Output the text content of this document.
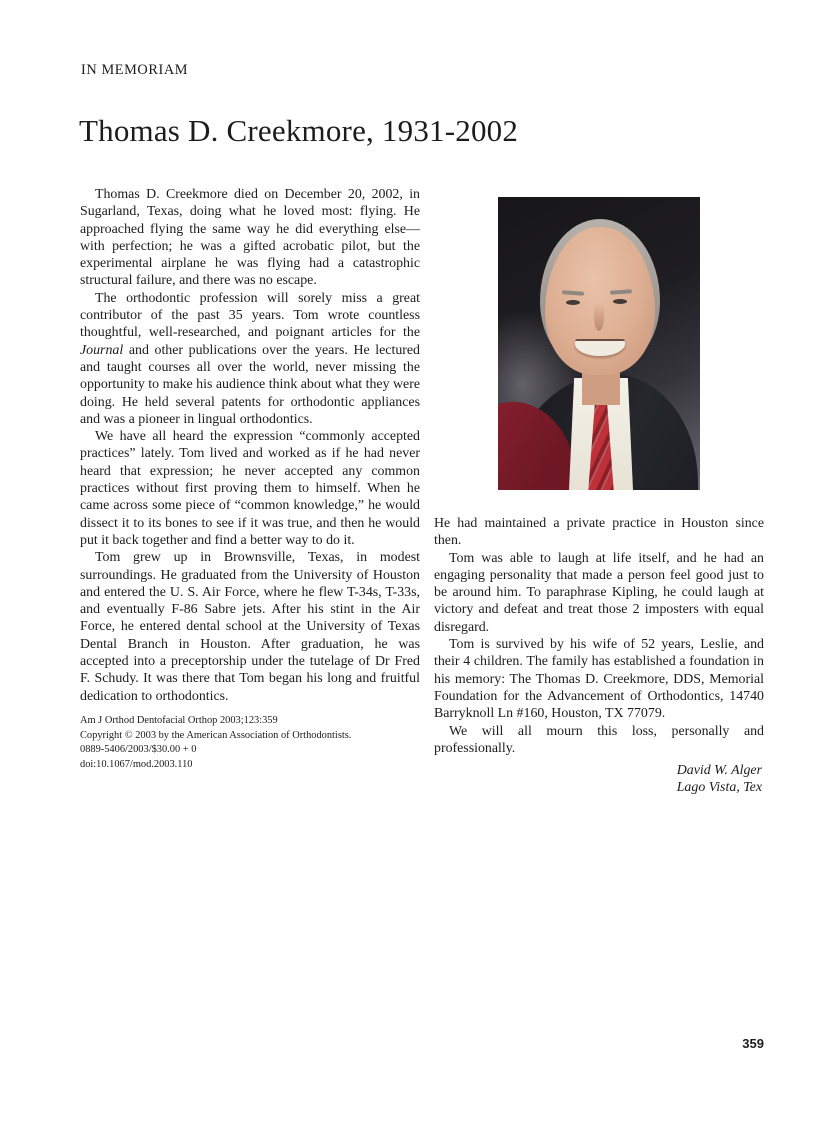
IN MEMORIAM
Thomas D. Creekmore, 1931-2002

Thomas D. Creekmore died on December 20, 2002, in Sugarland, Texas, doing what he loved most: flying. He approached flying the same way he did everything else—with perfection; he was a gifted acrobatic pilot, but the experimental airplane he was flying had a catastrophic structural failure, and there was no escape.

The orthodontic profession will sorely miss a great contributor of the past 35 years. Tom wrote countless thoughtful, well-researched, and poignant articles for the Journal and other publications over the years. He lectured and taught courses all over the world, never missing the opportunity to make his audience think about what they were doing. He held several patents for orthodontic appliances and was a pioneer in lingual orthodontics.

We have all heard the expression “commonly accepted practices” lately. Tom lived and worked as if he had never heard that expression; he never accepted any common practices without first proving them to himself. When he came across some piece of “common knowledge,” he would dissect it to its bones to see if it was true, and then he would put it back together and find a better way to do it.

Tom grew up in Brownsville, Texas, in modest surroundings. He graduated from the University of Houston and entered the U. S. Air Force, where he flew T-34s, T-33s, and eventually F-86 Sabre jets. After his stint in the Air Force, he entered dental school at the University of Texas Dental Branch in Houston. After graduation, he was accepted into a preceptorship under the tutelage of Dr Fred F. Schudy. It was there that Tom began his long and fruitful dedication to orthodontics.

Am J Orthod Dentofacial Orthop 2003;123:359
Copyright © 2003 by the American Association of Orthodontists.
0889-5406/2003/$30.00 + 0
doi:10.1067/mod.2003.110

He had maintained a private practice in Houston since then.

Tom was able to laugh at life itself, and he had an engaging personality that made a person feel good just to be around him. To paraphrase Kipling, he could laugh at victory and defeat and treat those 2 imposters with equal disregard.

Tom is survived by his wife of 52 years, Leslie, and their 4 children. The family has established a foundation in his memory: The Thomas D. Creekmore, DDS, Memorial Foundation for the Advancement of Orthodontics, 14740 Barryknoll Ln #160, Houston, TX 77079.

We will all mourn this loss, personally and professionally.

David W. Alger
Lago Vista, Tex
359
